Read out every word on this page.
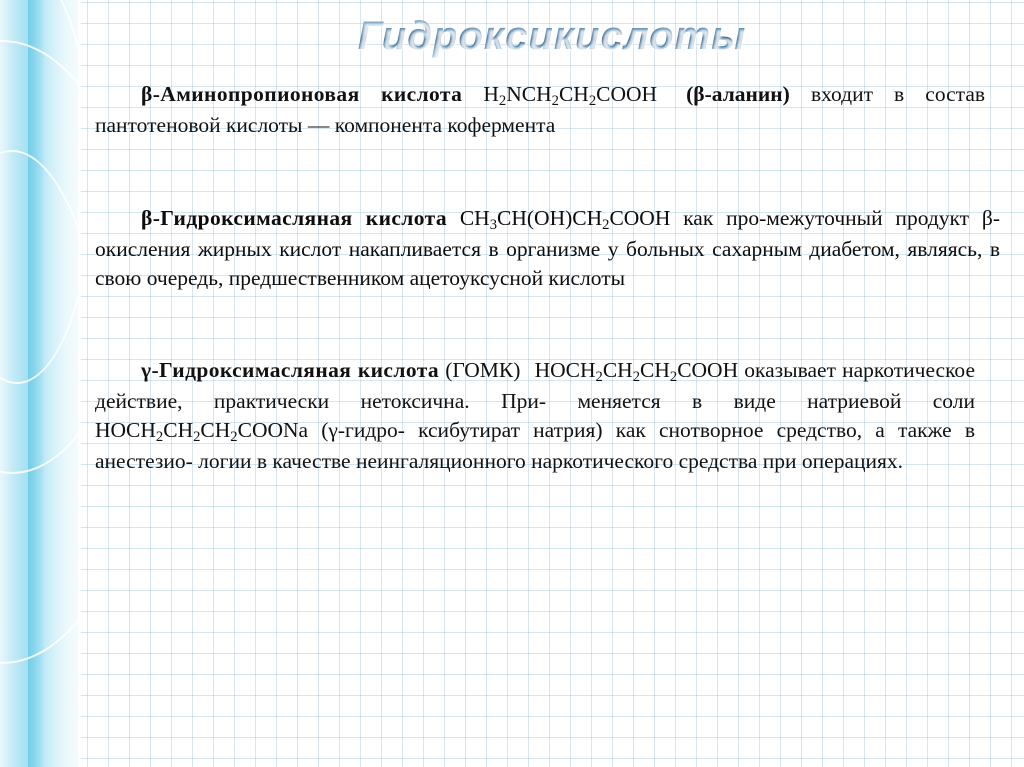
Гидроксикислоты

β-Аминопропионовая кислота $H_2NCH_2CH_2COOH$ (β-аланин) входит в состав пантотеновой кислоты — компонента кофермента

β-Гидроксимасляная кислота $CH_3CH(OH)CH_2COOH$ как про-межуточный продукт β-окисления жирных кислот накапливается в организме у больных сахарным диабетом, являясь, в свою очередь, предшественником ацетоуксусной кислоты

γ-Гидроксимасляная кислота (ГОМК) $HOCH_2CH_2CH_2COOH$ оказывает наркотическое действие, практически нетоксична. При- меняется в виде натриевой соли $HOCH_2CH_2CH_2COONa$ (γ-гидро- ксибутират натрия) как снотворное средство, а также в анестезио- логии в качестве неингаляционного наркотического средства при операциях.
